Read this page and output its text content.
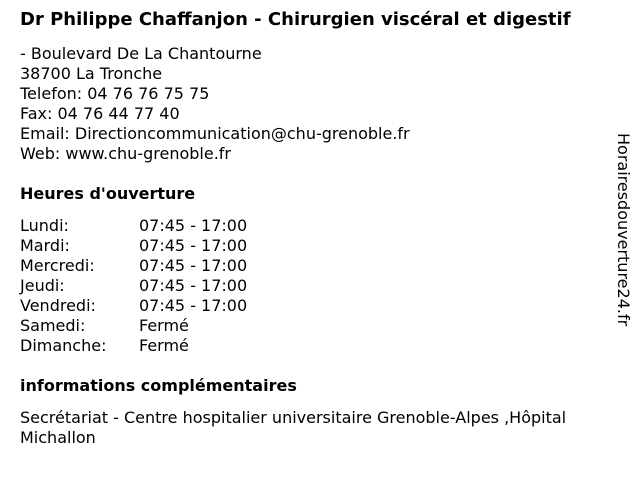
Dr Philippe Chaffanjon - Chirurgien viscéral et digestif
- Boulevard De La Chantourne
38700 La Tronche
Telefon: 04 76 76 75 75
Fax: 04 76 44 77 40
Email: Directioncommunication@chu-grenoble.fr
Web: www.chu-grenoble.fr
Heures d'ouverture
Lundi:	07:45 - 17:00
Mardi:	07:45 - 17:00
Mercredi:	07:45 - 17:00
Jeudi:	07:45 - 17:00
Vendredi:	07:45 - 17:00
Samedi:	Fermé
Dimanche:	Fermé
informations complémentaires
Secrétariat - Centre hospitalier universitaire Grenoble-Alpes ,Hôpital Michallon
Horairesdouverture24.fr
